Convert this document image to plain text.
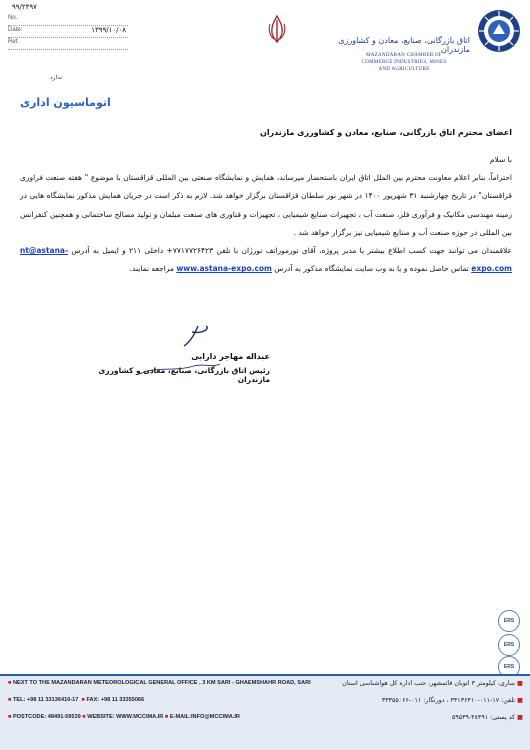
۹۹/۲۴۹۷
No.
Date:	۱۳۹۹/۱۰/۰۸
Ref.
ندارد
اتاق بازرگانی، صنایع، معادن و کشاورزی مازندران
MAZANDARAN CHAMBER OF
COMMERCE INDUSTRIES, MINES
AND AGRICULTURE
اتوماسیون اداری
اعضای محترم اتاق بازرگانی، صنایع، معادن و کشاورزی مازندران
با سلام

احتراماً، بنابر اعلام معاونت محترم بین الملل اتاق ایران باستحضار میرساند، همایش و نمایشگاه صنعتی بین المللی قزاقستان با موضوع " هفته صنعت فراوری قزاقستان" در تاریخ چهارشنبه ۳۱ شهریور ۱۴۰۰ در شهر نور سلطان قزاقستان برگزار خواهد شد. لازم به ذکر است در جریان همایش مذکور نمایشگاه هایی در زمینه مهندسی مکانیک و فرآوری فلز، صنعت آب ، تجهیزات صنایع شیمیایی ، تجهیزات و فناوری های صنعت مبلمان و تولید مصالح ساختمانی و همچنین کنفرانس بین المللی در حوزه صنعت آب و صنایع شیمیایی نیز برگزار خواهد شد .

علاقمندان می توانند جهت کسب اطلاع بیشتر با مدیر پروژه، آقای تورموراتف نورژان با تلفن ۷۷۱۷۷۲۶۴۲۳+ داخلی ۲۱۱ و ایمیل به آدرس nt@astana-expo.com تماس حاصل نموده و یا به وب سایت نمایشگاه مذکور به آدرس www.astana-expo.com مراجعه نمایند.

عبداله مهاجر دارابی
رئیس اتاق بازرگانی، صنایع، معادن و کشاورزی مازندران
ERS
ERS
ERS
■ NEXT TO THE MAZANDARAN METEOROLOGICAL GENERAL OFFICE , 3 KM SARI - GHAEMSHAHR ROAD, SARI
■ TEL: +98 11 33136410-17 ■ FAX: +98 11 33355066
■ POSTCODE: 48491-59539 ■ WEBSITE: WWW.MCCIMA.IR ■ E-MAIL:INFO@MCCIMA.IR
■ ساری، کیلومتر ۳ اتوبان قائمشهر، جنب اداره کل هواشناسی استان
■ تلفن: ۱۷-۰۱۱-۳۳۱۳۶۴۱۰ ، دورنگار: ۰۱۱-۳۳۳۵۵۰۶۶
■ کد پستی: ۴۸۴۹۱-۵۹۵۳۹
